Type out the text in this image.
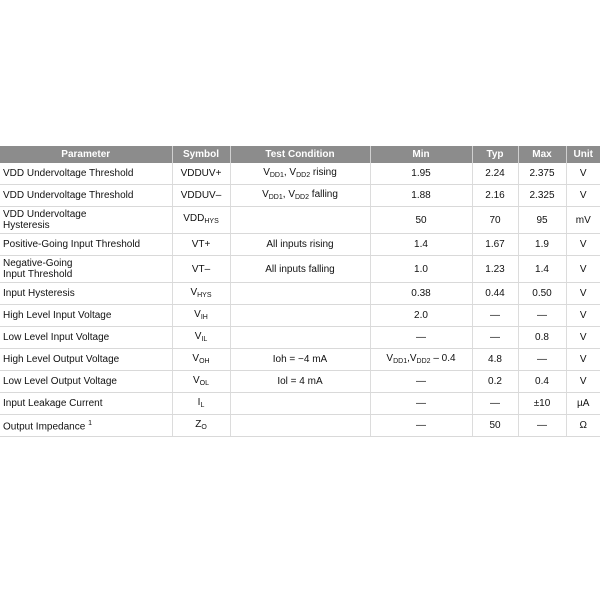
Parameter	Symbol	Test Condition	Min	Typ	Max	Unit
VDD Undervoltage Threshold	VDDUV+	$V_{DD1}$, $V_{DD2}$ rising	1.95	2.24	2.375	V
VDD Undervoltage Threshold	VDDUV–	$V_{DD1}$, $V_{DD2}$ falling	1.88	2.16	2.325	V
VDD Undervoltage
Hysteresis	$VDD_{HYS}$		50	70	95	mV
Positive-Going Input Threshold	VT+	All inputs rising	1.4	1.67	1.9	V
Negative-Going
Input Threshold	VT–	All inputs falling	1.0	1.23	1.4	V
Input Hysteresis	$V_{HYS}$		0.38	0.44	0.50	V
High Level Input Voltage	$V_{IH}$		2.0	—	—	V
Low Level Input Voltage	$V_{IL}$		—	—	0.8	V
High Level Output Voltage	$V_{OH}$	Ioh = −4 mA	$V_{DD1},V_{DD2} - 0.4$	4.8	—	V
Low Level Output Voltage	$V_{OL}$	Iol = 4 mA	—	0.2	0.4	V
Input Leakage Current	$I_L$		—	—	±10	µA
Output Impedance $^1$	$Z_O$		—	50	—	Ω
